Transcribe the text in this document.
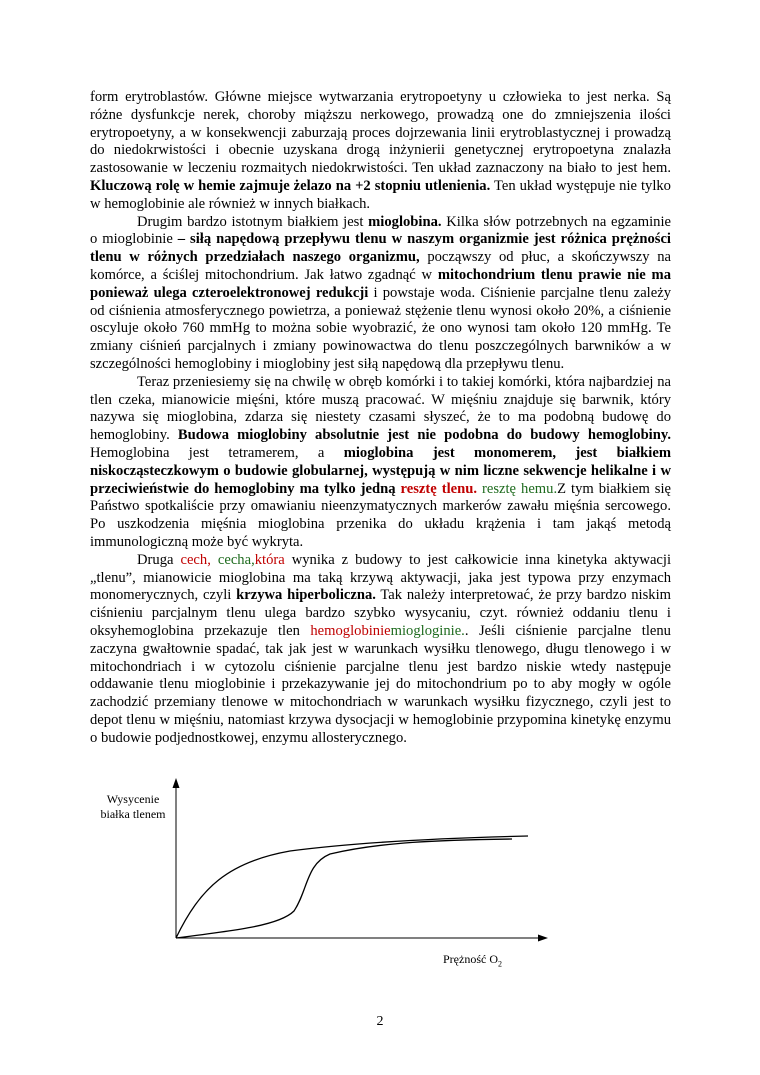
form erytroblastów. Główne miejsce wytwarzania erytropoetyny u człowieka to jest nerka. Są różne dysfunkcje nerek, choroby miąższu nerkowego, prowadzą one do zmniejszenia ilości erytropoetyny, a w konsekwencji zaburzają proces dojrzewania linii erytroblastycznej i prowadzą do niedokrwistości i obecnie uzyskana drogą inżynierii genetycznej erytropoetyna znalazła zastosowanie w leczeniu rozmaitych niedokrwistości. Ten układ zaznaczony na biało to jest hem. Kluczową rolę w hemie zajmuje żelazo na +2 stopniu utlenienia. Ten układ występuje nie tylko w hemoglobinie ale również w innych białkach.

Drugim bardzo istotnym białkiem jest mioglobina. Kilka słów potrzebnych na egzaminie o mioglobinie – siłą napędową przepływu tlenu w naszym organizmie jest różnica prężności tlenu w różnych przedziałach naszego organizmu, począwszy od płuc, a skończywszy na komórce, a ściślej mitochondrium. Jak łatwo zgadnąć w mitochondrium tlenu prawie nie ma ponieważ ulega czteroelektronowej redukcji i powstaje woda. Ciśnienie parcjalne tlenu zależy od ciśnienia atmosferycznego powietrza, a ponieważ stężenie tlenu wynosi około 20%, a ciśnienie oscyluje około 760 mmHg to można sobie wyobrazić, że ono wynosi tam około 120 mmHg. Te zmiany ciśnień parcjalnych i zmiany powinowactwa do tlenu poszczególnych barwników a w szczególności hemoglobiny i mioglobiny jest siłą napędową dla przepływu tlenu.

Teraz przeniesiemy się na chwilę w obręb komórki i to takiej komórki, która najbardziej na tlen czeka, mianowicie mięśni, które muszą pracować. W mięśniu znajduje się barwnik, który nazywa się mioglobina, zdarza się niestety czasami słyszeć, że to ma podobną budowę do hemoglobiny. Budowa mioglobiny absolutnie jest nie podobna do budowy hemoglobiny. Hemoglobina jest tetramerem, a mioglobina jest monomerem, jest białkiem niskocząsteczkowym o budowie globularnej, występują w nim liczne sekwencje helikalne i w przeciwieństwie do hemoglobiny ma tylko jedną resztę tlenu. resztę hemu.Z tym białkiem się Państwo spotkaliście przy omawianiu nieenzymatycznych markerów zawału mięśnia sercowego. Po uszkodzenia mięśnia mioglobina przenika do układu krążenia i tam jakąś metodą immunologiczną może być wykryta.

Druga cech, cecha,która wynika z budowy to jest całkowicie inna kinetyka aktywacji „tlenu”, mianowicie mioglobina ma taką krzywą aktywacji, jaka jest typowa przy enzymach monomerycznych, czyli krzywa hiperboliczna. Tak należy interpretować, że przy bardzo niskim ciśnieniu parcjalnym tlenu ulega bardzo szybko wysycaniu, czyt. również oddaniu tlenu i oksyhemoglobina przekazuje tlen hemoglobiniemiogloginie.. Jeśli ciśnienie parcjalne tlenu zaczyna gwałtownie spadać, tak jak jest w warunkach wysiłku tlenowego, długu tlenowego i w mitochondriach i w cytozolu ciśnienie parcjalne tlenu jest bardzo niskie wtedy następuje oddawanie tlenu mioglobinie i przekazywanie jej do mitochondrium po to aby mogły w ogóle zachodzić przemiany tlenowe w mitochondriach w warunkach wysiłku fizycznego, czyli jest to depot tlenu w mięśniu, natomiast krzywa dysocjacji w hemoglobinie przypomina kinetykę enzymu o budowie podjednostkowej, enzymu allosterycznego.

Wysycenie
białka tlenem
Prężność $O_2$
2
